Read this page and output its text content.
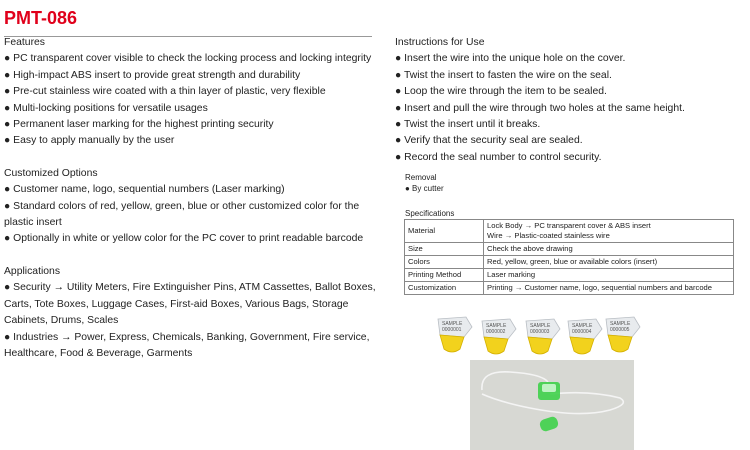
PMT-086
Features
● PC transparent cover visible to check the locking process and locking integrity
● High-impact ABS insert to provide great strength and durability
● Pre-cut stainless wire coated with a thin layer of plastic, very flexible
● Multi-locking positions for versatile usages
● Permanent laser marking for the highest printing security
● Easy to apply manually by the user
Customized Options
● Customer name, logo, sequential numbers (Laser marking)
● Standard colors of red, yellow, green, blue or other customized color for the plastic insert
● Optionally in white or yellow color for the PC cover to print readable barcode
Applications
● Security → Utility Meters, Fire Extinguisher Pins, ATM Cassettes, Ballot Boxes, Carts, Tote Boxes, Luggage Cases, First-aid Boxes, Various Bags, Storage Cabinets, Drums, Scales
● Industries → Power, Express, Chemicals, Banking, Government, Fire service, Healthcare, Food & Beverage, Garments
Instructions for Use
● Insert the wire into the unique hole on the cover.
● Twist the insert to fasten the wire on the seal.
● Loop the wire through the item to be sealed.
● Insert and pull the wire through two holes at the same height.
● Twist the insert until it breaks.
● Verify that the security seal are sealed.
● Record the seal number to control security.
Removal
● By cutter
Specifications
Material	Lock Body → PC transparent cover & ABS insert
Wire → Plastic-coated stainless wire

Size	Check the above drawing
Colors	Red, yellow, green, blue or available colors (insert)
Printing Method	Laser marking
Customization	Printing → Customer name, logo, sequential numbers and barcode
SAMPLE
0000001
SAMPLE
0000002
SAMPLE
0000003
SAMPLE
0000004
SAMPLE
0000005
